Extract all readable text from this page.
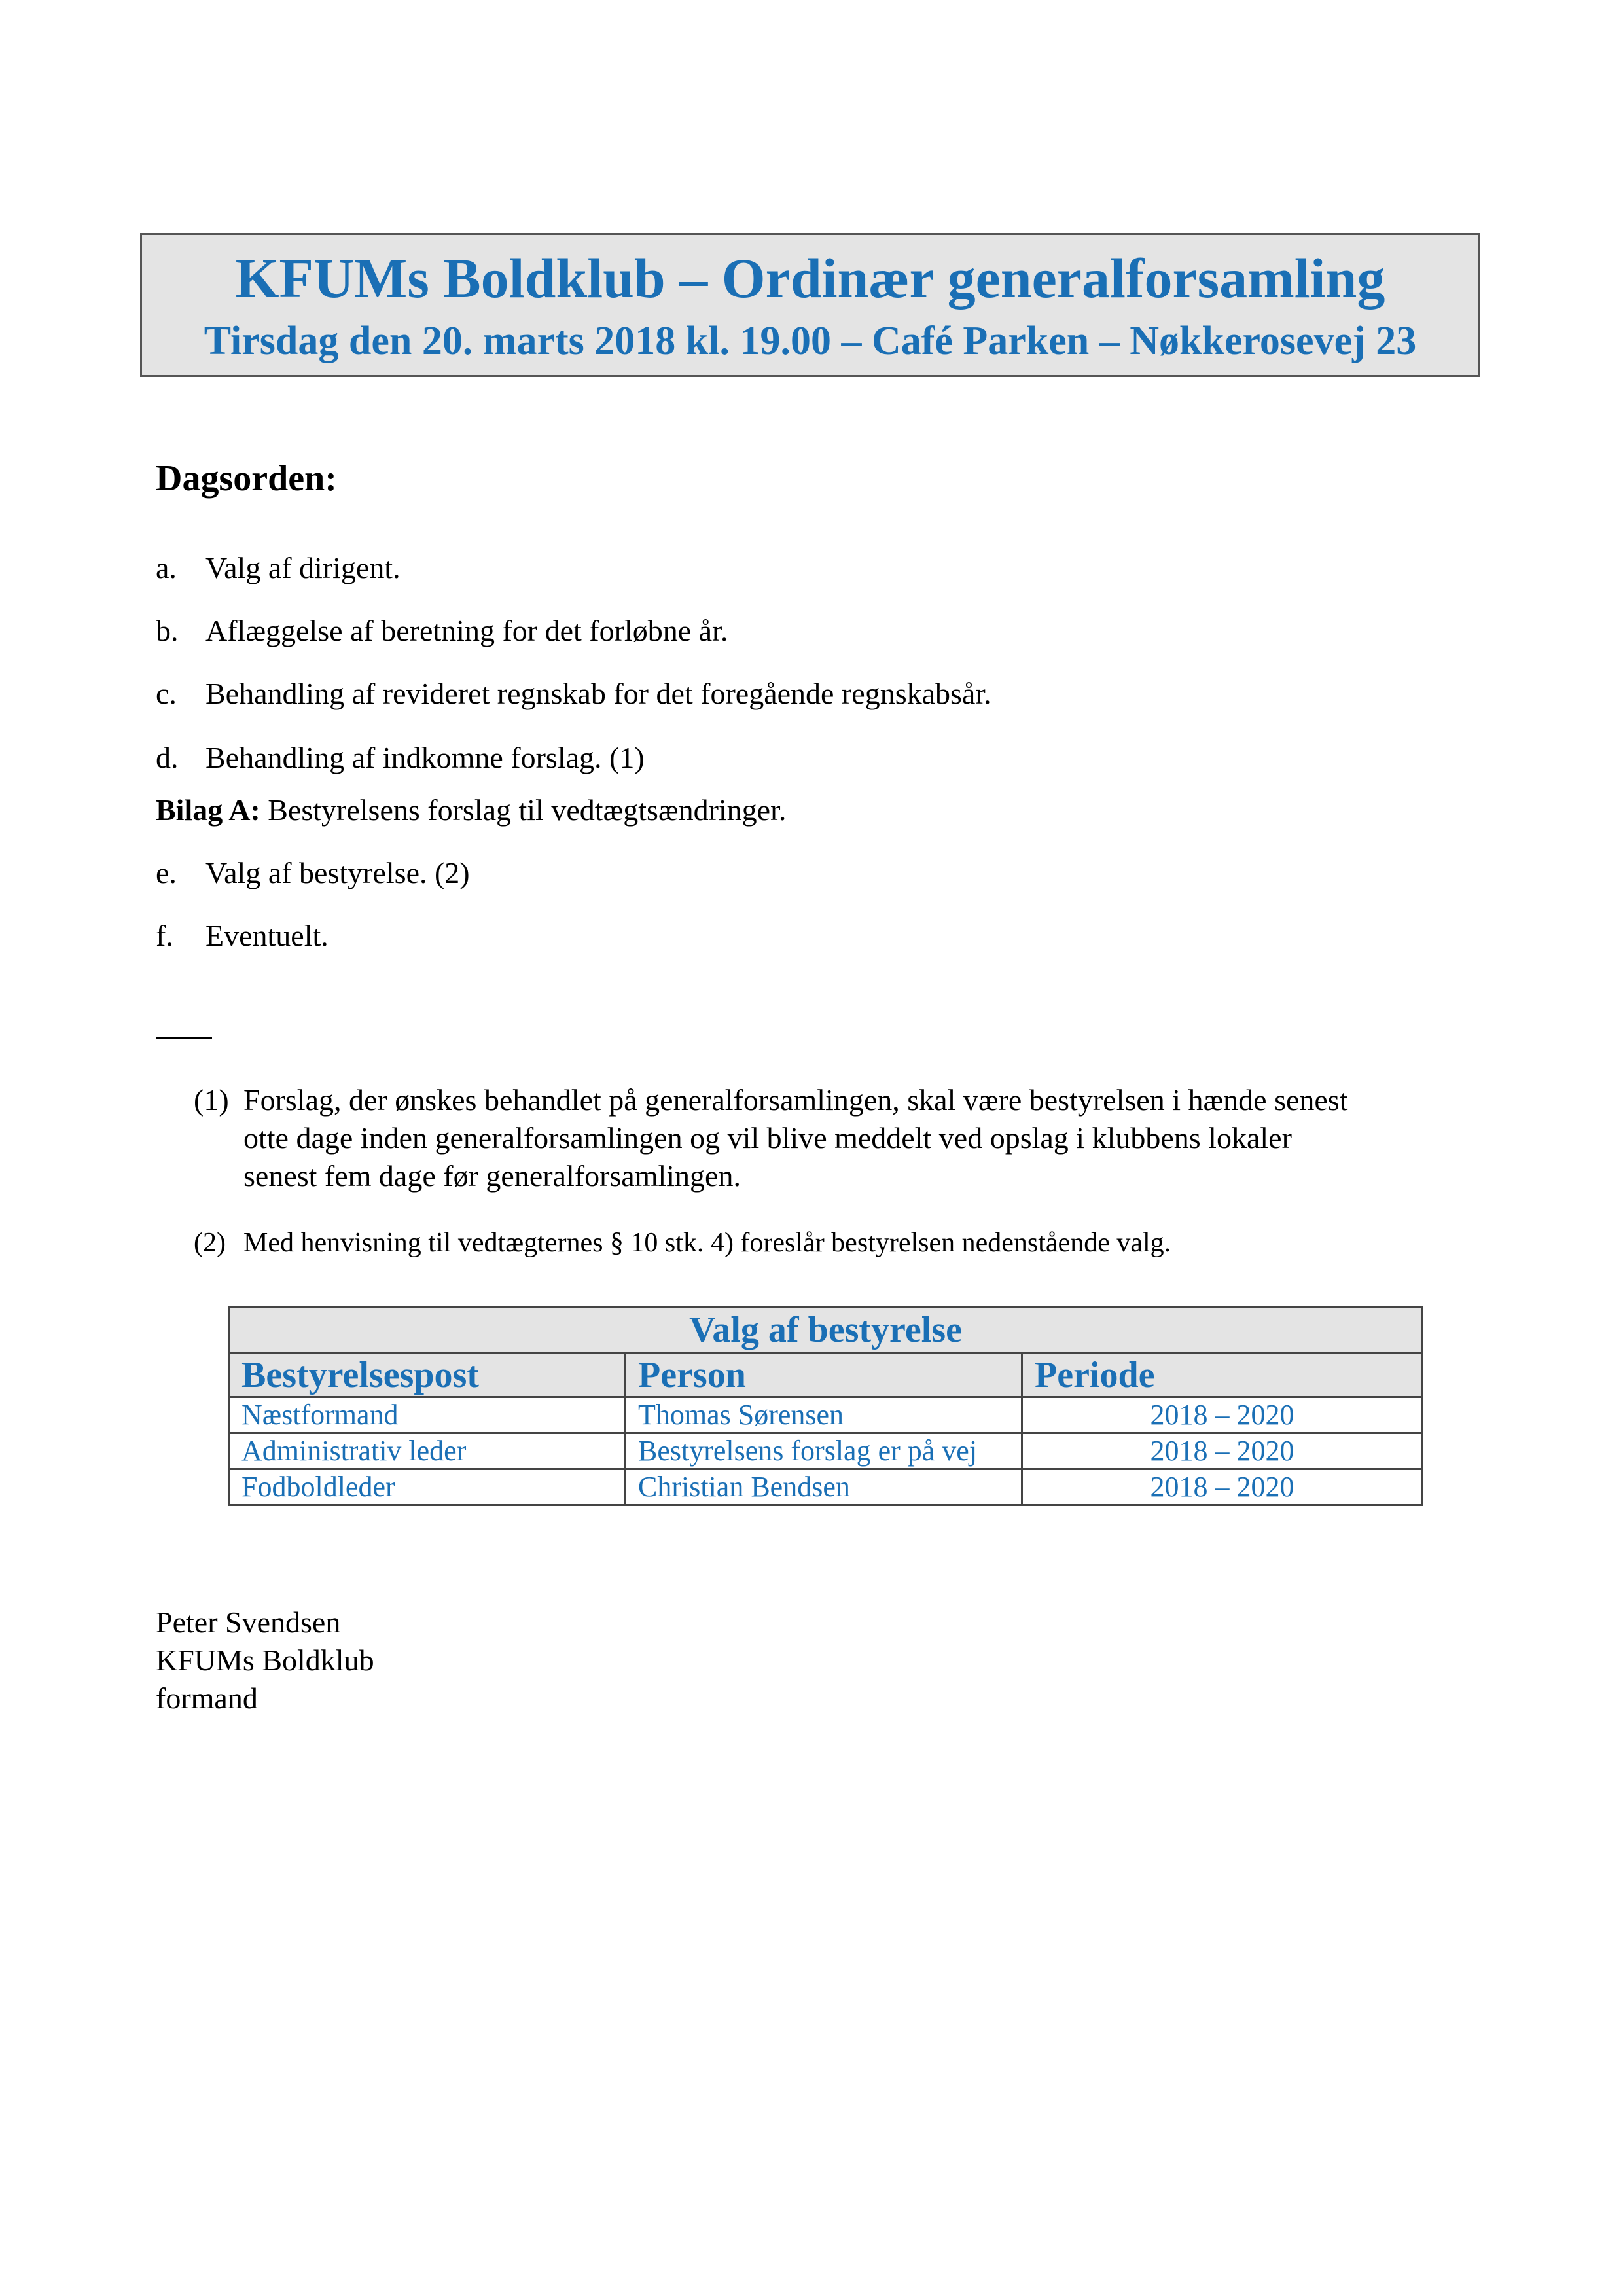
KFUMs Boldklub – Ordinær generalforsamling
Tirsdag den 20. marts 2018 kl. 19.00 – Café Parken – Nøkkerosevej 23
Dagsorden:
a. Valg af dirigent.
b. Aflæggelse af beretning for det forløbne år.
c. Behandling af revideret regnskab for det foregående regnskabsår.
d. Behandling af indkomne forslag. (1)
Bilag A: Bestyrelsens forslag til vedtægtsændringer.
e. Valg af bestyrelse. (2)
f. Eventuelt.
(1) Forslag, der ønskes behandlet på generalforsamlingen, skal være bestyrelsen i hænde senest
otte dage inden generalforsamlingen og vil blive meddelt ved opslag i klubbens lokaler
senest fem dage før generalforsamlingen.
(2) Med henvisning til vedtægternes § 10 stk. 4) foreslår bestyrelsen nedenstående valg.
Valg af bestyrelse		
Bestyrelsespost	Person	Periode
Næstformand	Thomas Sørensen	2018 – 2020
Administrativ leder	Bestyrelsens forslag er på vej	2018 – 2020
Fodboldleder	Christian Bendsen	2018 – 2020
Peter Svendsen
KFUMs Boldklub
formand
